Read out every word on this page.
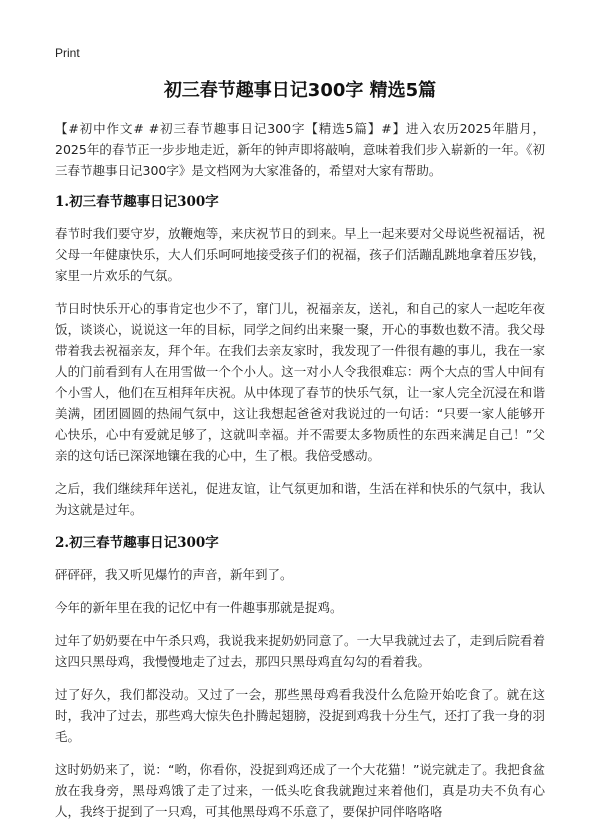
Print
初三春节趣事日记300字 精选5篇

【#初中作文# #初三春节趣事日记300字【精选5篇】#】进入农历2025年腊月，2025年的春节正一步步地走近，新年的钟声即将敲响，意味着我们步入崭新的一年。《初三春节趣事日记300字》是文档网为大家准备的，希望对大家有帮助。

1.初三春节趣事日记300字

春节时我们要守岁，放鞭炮等，来庆祝节日的到来。早上一起来要对父母说些祝福话，祝父母一年健康快乐，大人们乐呵呵地接受孩子们的祝福，孩子们活蹦乱跳地拿着压岁钱，家里一片欢乐的气氛。

节日时快乐开心的事肯定也少不了，窜门儿，祝福亲友，送礼，和自己的家人一起吃年夜饭，谈谈心，说说这一年的目标，同学之间约出来聚一聚，开心的事数也数不清。我父母带着我去祝福亲友，拜个年。在我们去亲友家时，我发现了一件很有趣的事儿，我在一家人的门前看到有人在用雪做一个个小人。这一对小人令我很难忘：两个大点的雪人中间有个小雪人，他们在互相拜年庆祝。从中体现了春节的快乐气氛，让一家人完全沉浸在和谐美满，团团圆圆的热闹气氛中，这让我想起爸爸对我说过的一句话：“只要一家人能够开心快乐，心中有爱就足够了，这就叫幸福。并不需要太多物质性的东西来满足自己！”父亲的这句话已深深地镶在我的心中，生了根。我倍受感动。

之后，我们继续拜年送礼，促进友谊，让气氛更加和谐，生活在祥和快乐的气氛中，我认为这就是过年。

2.初三春节趣事日记300字

砰砰砰，我又听见爆竹的声音，新年到了。

今年的新年里在我的记忆中有一件趣事那就是捉鸡。

过年了奶奶要在中午杀只鸡，我说我来捉奶奶同意了。一大早我就过去了，走到后院看着这四只黑母鸡，我慢慢地走了过去，那四只黑母鸡直勾勾的看着我。

过了好久，我们都没动。又过了一会，那些黑母鸡看我没什么危险开始吃食了。就在这时，我冲了过去，那些鸡大惊失色扑腾起翅膀，没捉到鸡我十分生气，还打了我一身的羽毛。

这时奶奶来了，说：“哟，你看你，没捉到鸡还成了一个大花猫！”说完就走了。我把食盆放在我身旁，黑母鸡饿了走了过来，一低头吃食我就跑过来着他们，真是功夫不负有心人，我终于捉到了一只鸡，可其他黑母鸡不乐意了，要保护同伴咯咯咯
